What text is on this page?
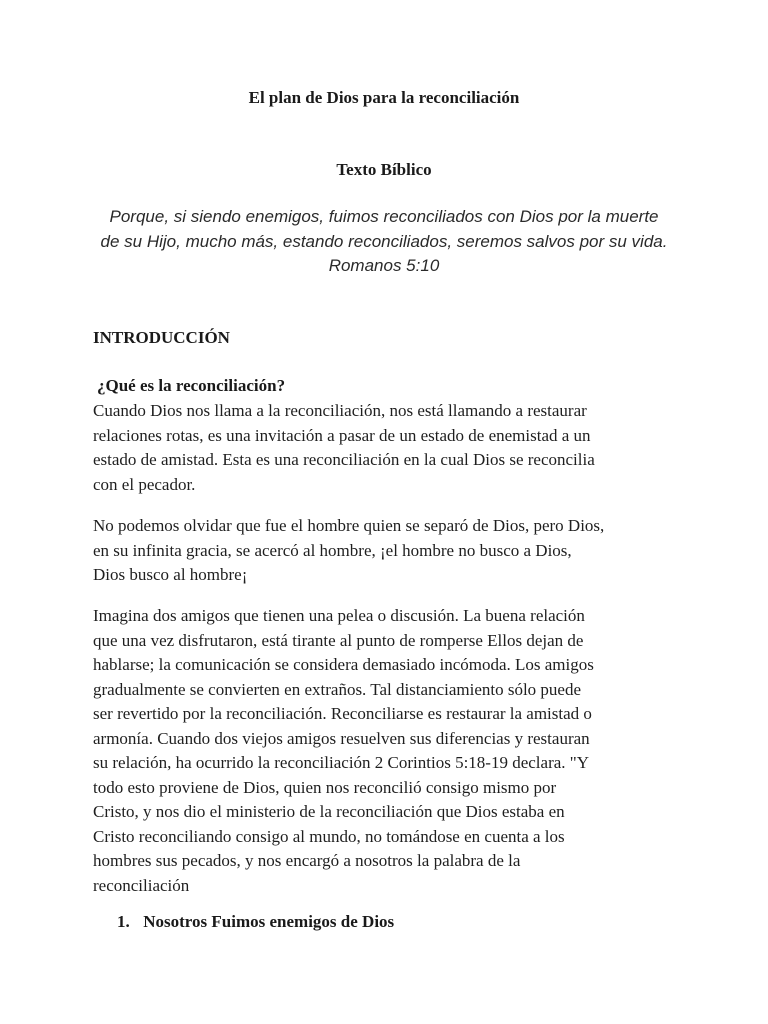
El plan de Dios para la reconciliación
Texto Bíblico
Porque, si siendo enemigos, fuimos reconciliados con Dios por la muerte
de su Hijo, mucho más, estando reconciliados, seremos salvos por su vida.
Romanos 5:10
INTRODUCCIÓN
¿Qué es la reconciliación?
Cuando Dios nos llama a la reconciliación, nos está llamando a restaurar
relaciones rotas, es una invitación a pasar de un estado de enemistad a un
estado de amistad. Esta es una reconciliación en la cual Dios se reconcilia
con el pecador.
No podemos olvidar que fue el hombre quien se separó de Dios, pero Dios,
en su infinita gracia, se acercó al hombre, ¡el hombre no busco a Dios,
Dios busco al hombre¡
Imagina dos amigos que tienen una pelea o discusión. La buena relación
que una vez disfrutaron, está tirante al punto de romperse Ellos dejan de
hablarse; la comunicación se considera demasiado incómoda. Los amigos
gradualmente se convierten en extraños. Tal distanciamiento sólo puede
ser revertido por la reconciliación. Reconciliarse es restaurar la amistad o
armonía. Cuando dos viejos amigos resuelven sus diferencias y restauran
su relación, ha ocurrido la reconciliación 2 Corintios 5:18-19 declara. "Y
todo esto proviene de Dios, quien nos reconcilió consigo mismo por
Cristo, y nos dio el ministerio de la reconciliación que Dios estaba en
Cristo reconciliando consigo al mundo, no tomándose en cuenta a los
hombres sus pecados, y nos encargó a nosotros la palabra de la
reconciliación
1. Nosotros Fuimos enemigos de Dios
